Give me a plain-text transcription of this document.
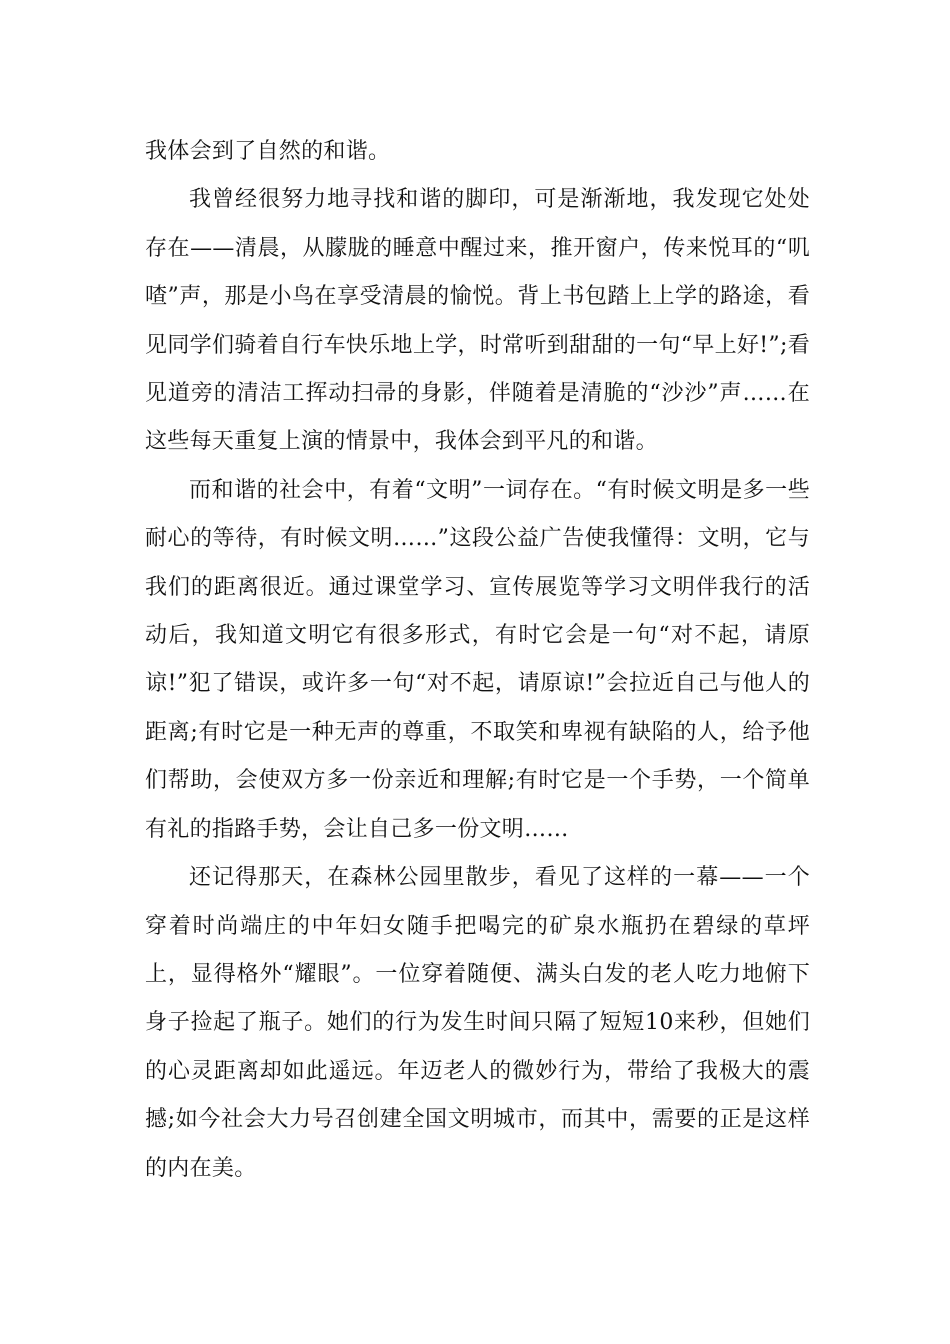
我体会到了自然的和谐。

我曾经很努力地寻找和谐的脚印，可是渐渐地，我发现它处处存在——清晨，从朦胧的睡意中醒过来，推开窗户，传来悦耳的“叽喳”声，那是小鸟在享受清晨的愉悦。背上书包踏上上学的路途，看见同学们骑着自行车快乐地上学，时常听到甜甜的一句“早上好!”;看见道旁的清洁工挥动扫帚的身影，伴随着是清脆的“沙沙”声……在这些每天重复上演的情景中，我体会到平凡的和谐。

而和谐的社会中，有着“文明”一词存在。“有时候文明是多一些耐心的等待，有时候文明……”这段公益广告使我懂得：文明，它与我们的距离很近。通过课堂学习、宣传展览等学习文明伴我行的活动后，我知道文明它有很多形式，有时它会是一句“对不起，请原谅!”犯了错误，或许多一句“对不起，请原谅!”会拉近自己与他人的距离;有时它是一种无声的尊重，不取笑和卑视有缺陷的人，给予他们帮助，会使双方多一份亲近和理解;有时它是一个手势，一个简单有礼的指路手势，会让自己多一份文明……

还记得那天，在森林公园里散步，看见了这样的一幕——一个穿着时尚端庄的中年妇女随手把喝完的矿泉水瓶扔在碧绿的草坪上，显得格外“耀眼”。一位穿着随便、满头白发的老人吃力地俯下身子捡起了瓶子。她们的行为发生时间只隔了短短10来秒，但她们的心灵距离却如此遥远。年迈老人的微妙行为，带给了我极大的震撼;如今社会大力号召创建全国文明城市，而其中，需要的正是这样的内在美。
